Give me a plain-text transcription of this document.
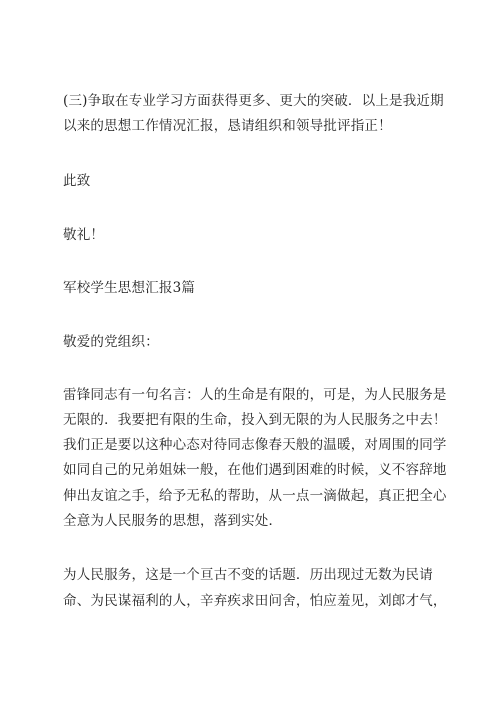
(三)争取在专业学习方面获得更多、更大的突破．以上是我近期
以来的思想工作情况汇报，恳请组织和领导批评指正！
此致
敬礼！
军校学生思想汇报3篇
敬爱的党组织：
雷锋同志有一句名言：人的生命是有限的，可是，为人民服务是
无限的．我要把有限的生命，投入到无限的为人民服务之中去！
我们正是要以这种心态对待同志像春天般的温暖，对周围的同学
如同自己的兄弟姐妹一般，在他们遇到困难的时候，义不容辞地
伸出友谊之手，给予无私的帮助，从一点一滴做起，真正把全心
全意为人民服务的思想，落到实处．
为人民服务，这是一个亘古不变的话题．历出现过无数为民请
命、为民谋福利的人，辛弃疾求田问舍，怕应羞见，刘郎才气，
